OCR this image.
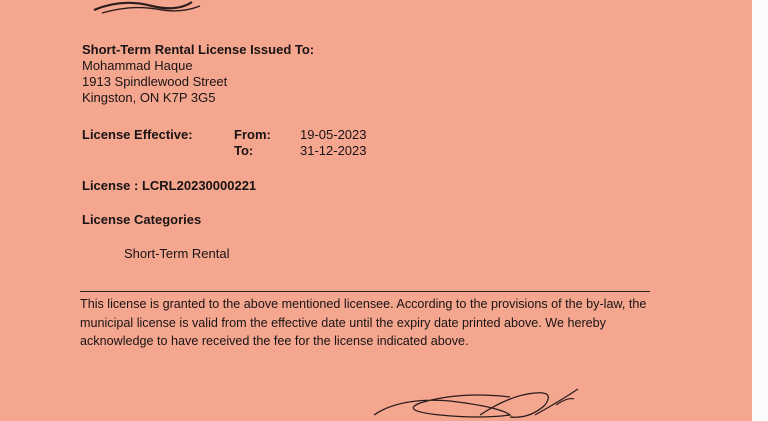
Short-Term Rental License Issued To:
Mohammad Haque
1913 Spindlewood Street
Kingston, ON K7P 3G5
License Effective:	From:	19-05-2023
To:	31-12-2023
License : LCRL20230000221
License Categories
Short-Term Rental
This license is granted to the above mentioned licensee. According to the provisions of the by-law, the municipal license is valid from the effective date until the expiry date printed above. We hereby acknowledge to have received the fee for the license indicated above.
